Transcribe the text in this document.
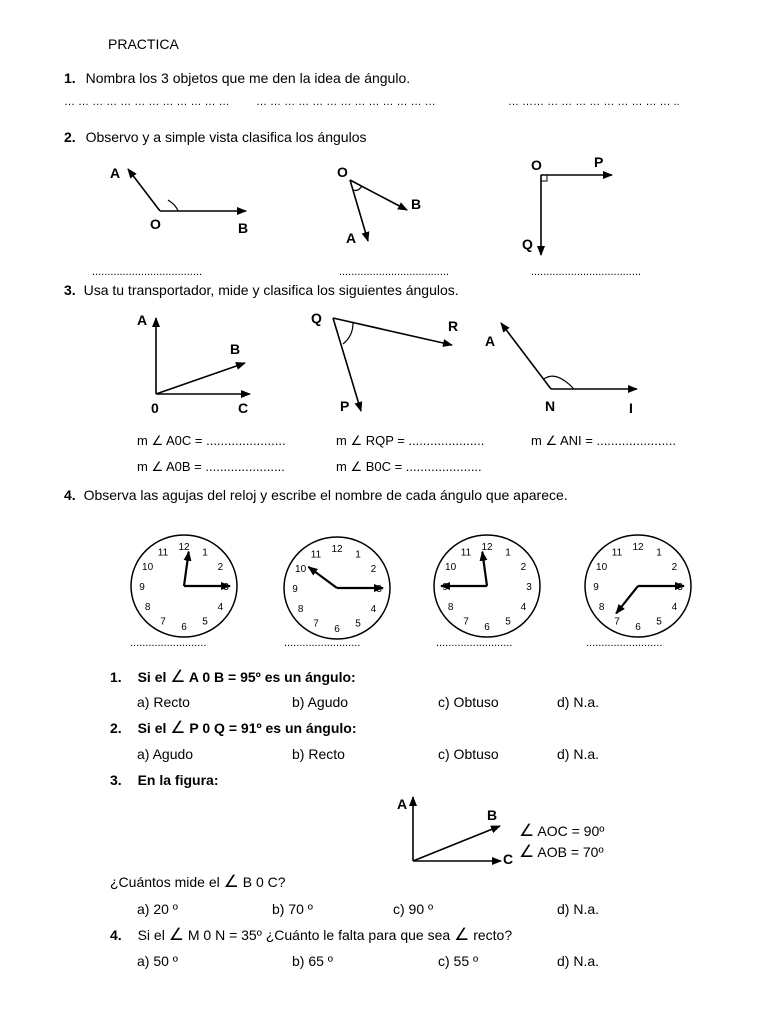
PRACTICA
1. Nombra los 3 objetos que me den la idea de ángulo.
… … … … … … … … … … … … … … … … … … … … … … … … …	… …… … … … … … … … … … ..
2. Observo y a simple vista clasifica los ángulos
12 1
2
3
4
5
6
7
8
9
10
11	12 1
2
3
4
5
6
7
8
9
10
11
12 1
2
3
4
5
6
7
8
9
10
11	12 1
2
3
4
5
6
7
8
9
10
11
A
O	B
O
B
A
O	P
Q
....................................	....................................	....................................
3. Usa tu transportador, mide y clasifica los siguientes ángulos.
A
B
0	C
Q	R
P
A
N	I
m ∠ A0C = ......................	m ∠ RQP = .....................	m ∠ ANI = ......................
m ∠ A0B = ......................	m ∠ B0C = .....................
4. Observa las agujas del reloj y escribe el nombre de cada ángulo que aparece.
.........................	.........................	.........................	.........................
1. Si el ∠ A 0 B = 95º es un ángulo:
a) Recto	b) Agudo	c) Obtuso	d) N.a.
2. Si el ∠ P 0 Q = 91º es un ángulo:
a) Agudo	b) Recto	c) Obtuso	d) N.a.
3. En la figura:
A
B
C
∠ AOC = 90º
∠ AOB = 70º
¿Cuántos mide el ∠ B 0 C?
a) 20 º	b) 70 º	c) 90 º	d) N.a.
4. Si el ∠ M 0 N = 35º ¿Cuánto le falta para que sea ∠ recto?
a) 50 º	b) 65 º	c) 55 º	d) N.a.
